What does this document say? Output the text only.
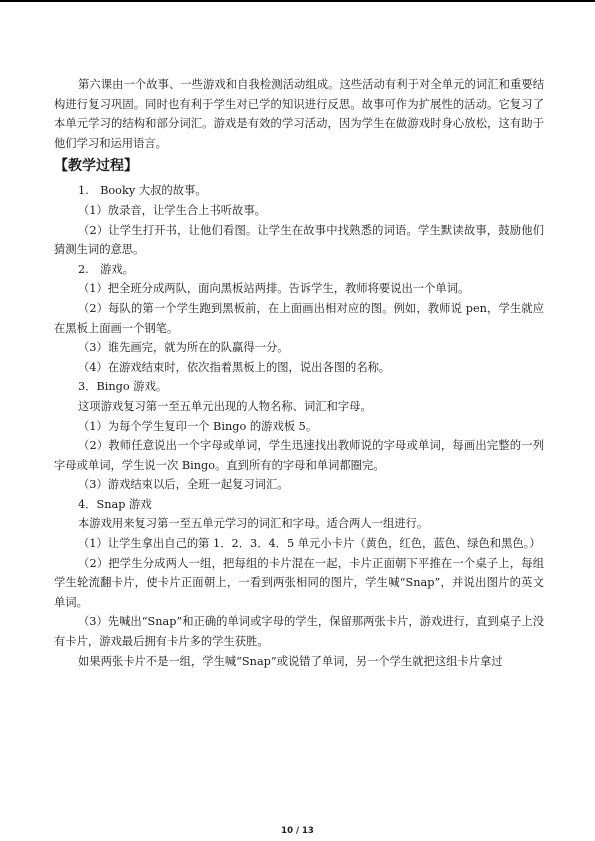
第六课由一个故事、一些游戏和自我检测活动组成。这些活动有利于对全单元的词汇和重要结构进行复习巩固。同时也有利于学生对已学的知识进行反思。故事可作为扩展性的活动。它复习了本单元学习的结构和部分词汇。游戏是有效的学习活动，因为学生在做游戏时身心放松，这有助于他们学习和运用语言。

【教学过程】

1.　Booky 大叔的故事。

（1）放录音，让学生合上书听故事。

（2）让学生打开书，让他们看图。让学生在故事中找熟悉的词语。学生默读故事，鼓励他们猜测生词的意思。

2.　游戏。

（1）把全班分成两队，面向黑板站两排。告诉学生，教师将要说出一个单词。

（2）每队的第一个学生跑到黑板前，在上面画出相对应的图。例如，教师说 pen，学生就应在黑板上面画一个钢笔。

（3）谁先画完，就为所在的队赢得一分。

（4）在游戏结束时，依次指着黑板上的图，说出各图的名称。

3．Bingo 游戏。

这项游戏复习第一至五单元出现的人物名称、词汇和字母。

（1）为每个学生复印一个 Bingo 的游戏板 5。

（2）教师任意说出一个字母或单词，学生迅速找出教师说的字母或单词，每画出完整的一列字母或单词，学生说一次 Bingo。直到所有的字母和单词都圈完。

（3）游戏结束以后，全班一起复习词汇。

4．Snap 游戏

本游戏用来复习第一至五单元学习的词汇和字母。适合两人一组进行。

（1）让学生拿出自己的第 1．2．3．4．5 单元小卡片（黄色，红色，蓝色、绿色和黑色。）

（2）把学生分成两人一组，把每组的卡片混在一起，卡片正面朝下平推在一个桌子上，每组学生轮流翻卡片，使卡片正面朝上，一看到两张相同的图片，学生喊“Snap”，并说出图片的英文单词。

（3）先喊出“Snap”和正确的单词或字母的学生，保留那两张卡片，游戏进行，直到桌子上没有卡片，游戏最后拥有卡片多的学生获胜。

如果两张卡片不是一组，学生喊“Snap”或说错了单词，另一个学生就把这组卡片拿过

10 / 13
